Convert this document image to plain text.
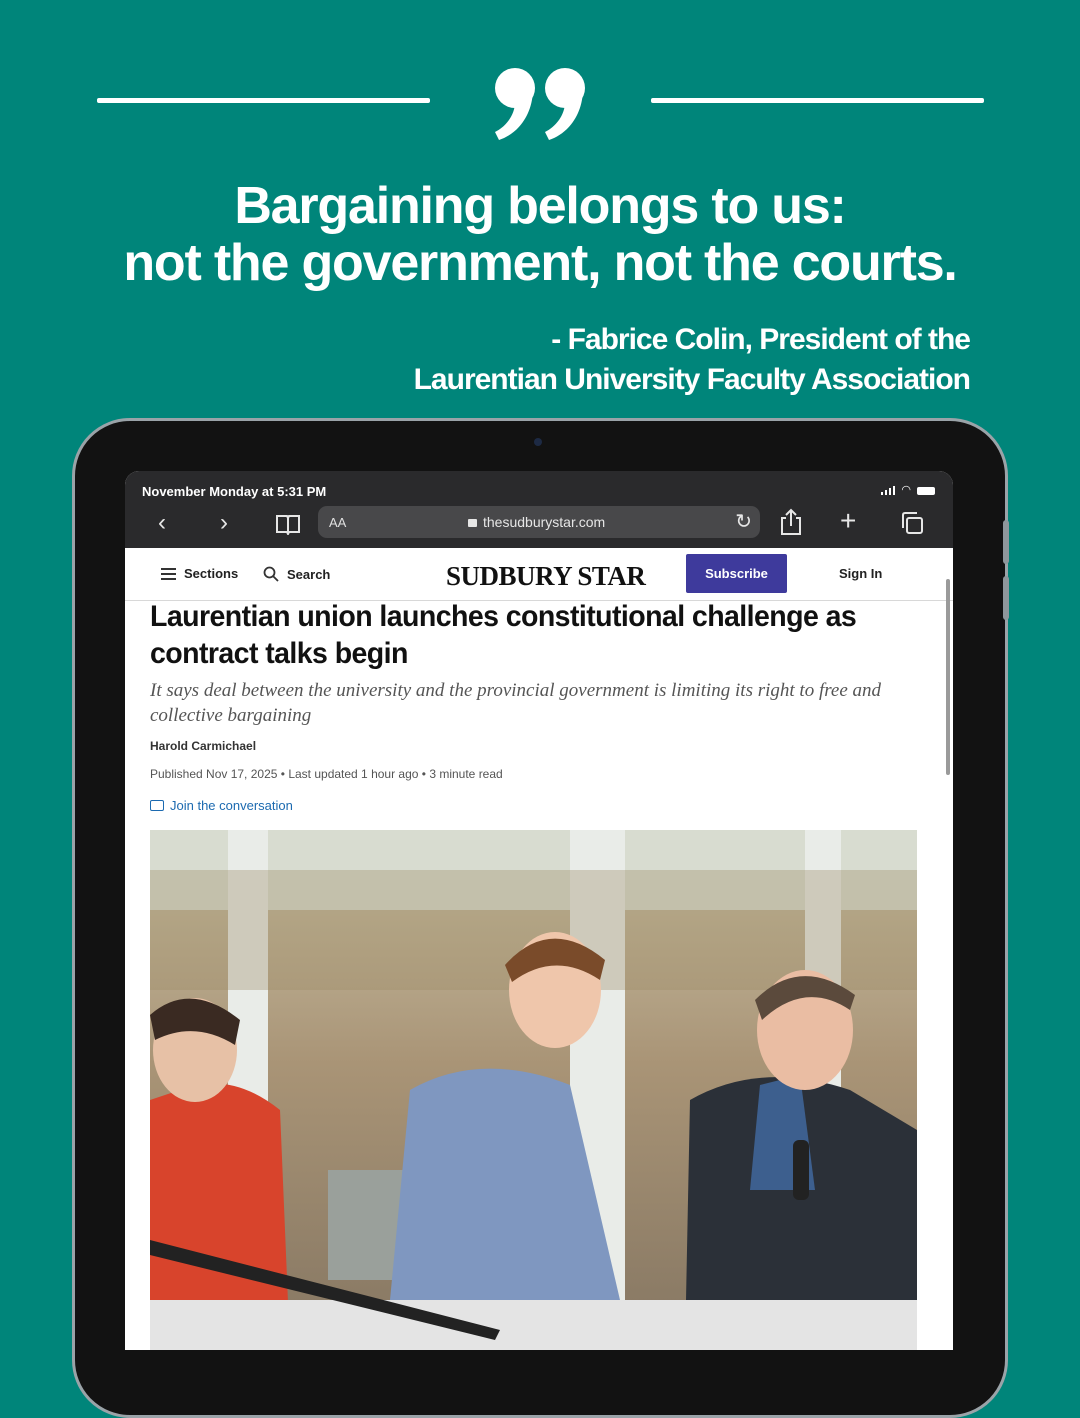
Bargaining belongs to us:
not the government, not the courts.
- Fabrice Colin, President of the
Laurentian University Faculty Association
November Monday at 5:31 PM	◠
‹ ›	AA	thesudburystar.com	↻	+
Sections	Search	SUDBURY STAR	Subscribe	Sign In
Laurentian union launches constitutional challenge as contract talks begin
It says deal between the university and the provincial government is limiting its right to free and collective bargaining
Harold Carmichael
Published Nov 17, 2025 • Last updated 1 hour ago • 3 minute read
Join the conversation
